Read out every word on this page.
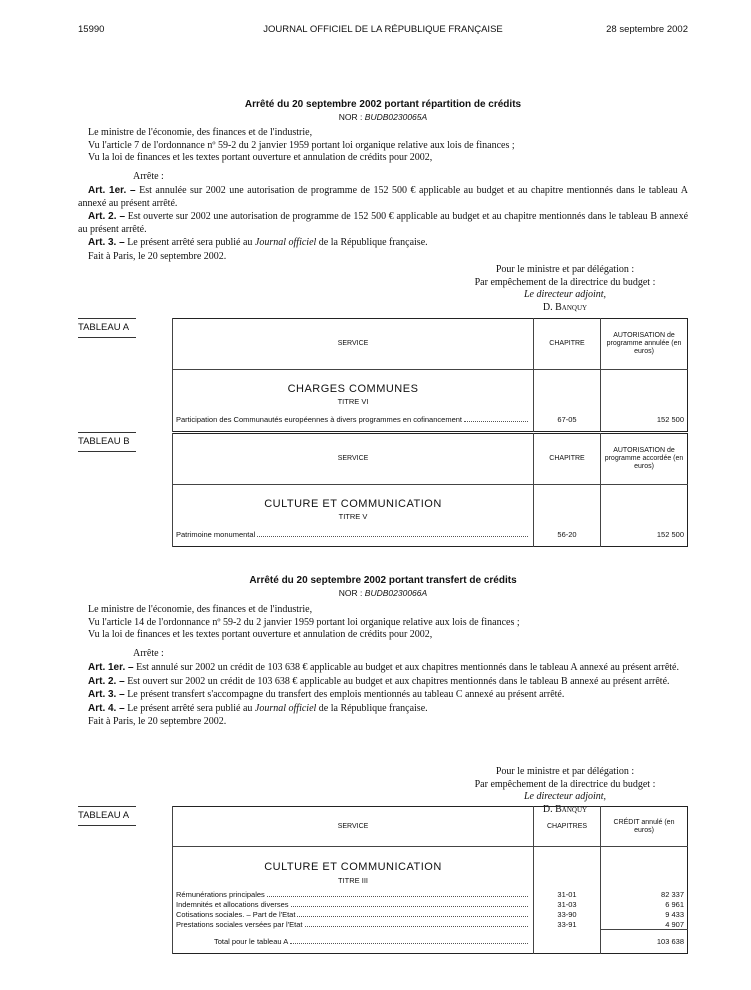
15990	JOURNAL OFFICIEL DE LA RÉPUBLIQUE FRANÇAISE	28 septembre 2002
Arrêté du 20 septembre 2002 portant répartition de crédits
NOR : BUDB0230065A

Le ministre de l'économie, des finances et de l'industrie,

Vu l'article 7 de l'ordonnance nº 59-2 du 2 janvier 1959 portant loi organique relative aux lois de finances ;

Vu la loi de finances et les textes portant ouverture et annulation de crédits pour 2002,

Arrête :

Art. 1er. – Est annulée sur 2002 une autorisation de programme de 152 500 € applicable au budget et au chapitre mentionnés dans le tableau A annexé au présent arrêté.

Art. 2. – Est ouverte sur 2002 une autorisation de programme de 152 500 € applicable au budget et au chapitre mentionnés dans le tableau B annexé au présent arrêté.

Art. 3. – Le présent arrêté sera publié au Journal officiel de la République française.

Fait à Paris, le 20 septembre 2002.

Pour le ministre et par délégation :
Par empêchement de la directrice du budget :
Le directeur adjoint,
D. Banquy
TABLEAU A
SERVICE	CHAPITRE	AUTORISATION de programme annulée (en euros)
CHARGES COMMUNES		
TITRE VI		

Participation des Communautés européennes à divers programmes en cofinancement	67-05	152 500
TABLEAU B
SERVICE	CHAPITRE	AUTORISATION de programme accordée (en euros)
CULTURE ET COMMUNICATION		
TITRE V		

Patrimoine monumental	56-20	152 500
Arrêté du 20 septembre 2002 portant transfert de crédits
NOR : BUDB0230066A

Le ministre de l'économie, des finances et de l'industrie,

Vu l'article 14 de l'ordonnance nº 59-2 du 2 janvier 1959 portant loi organique relative aux lois de finances ;

Vu la loi de finances et les textes portant ouverture et annulation de crédits pour 2002,

Arrête :

Art. 1er. – Est annulé sur 2002 un crédit de 103 638 € applicable au budget et aux chapitres mentionnés dans le tableau A annexé au présent arrêté.

Art. 2. – Est ouvert sur 2002 un crédit de 103 638 € applicable au budget et aux chapitres mentionnés dans le tableau B annexé au présent arrêté.

Art. 3. – Le présent transfert s'accompagne du transfert des emplois mentionnés au tableau C annexé au présent arrêté.

Art. 4. – Le présent arrêté sera publié au Journal officiel de la République française.

Fait à Paris, le 20 septembre 2002.

Pour le ministre et par délégation :
Par empêchement de la directrice du budget :
Le directeur adjoint,
D. Banquy
TABLEAU A
SERVICE	CHAPITRES	CRÉDIT annulé (en euros)
CULTURE ET COMMUNICATION		
TITRE III		

Rémunérations principales	31-01	82 337

Indemnités et allocations diverses	31-03	6 961

Cotisations sociales. – Part de l'Etat	33-90	9 433

Prestations sociales versées par l'Etat	33-91	4 907

Total pour le tableau A		103 638
